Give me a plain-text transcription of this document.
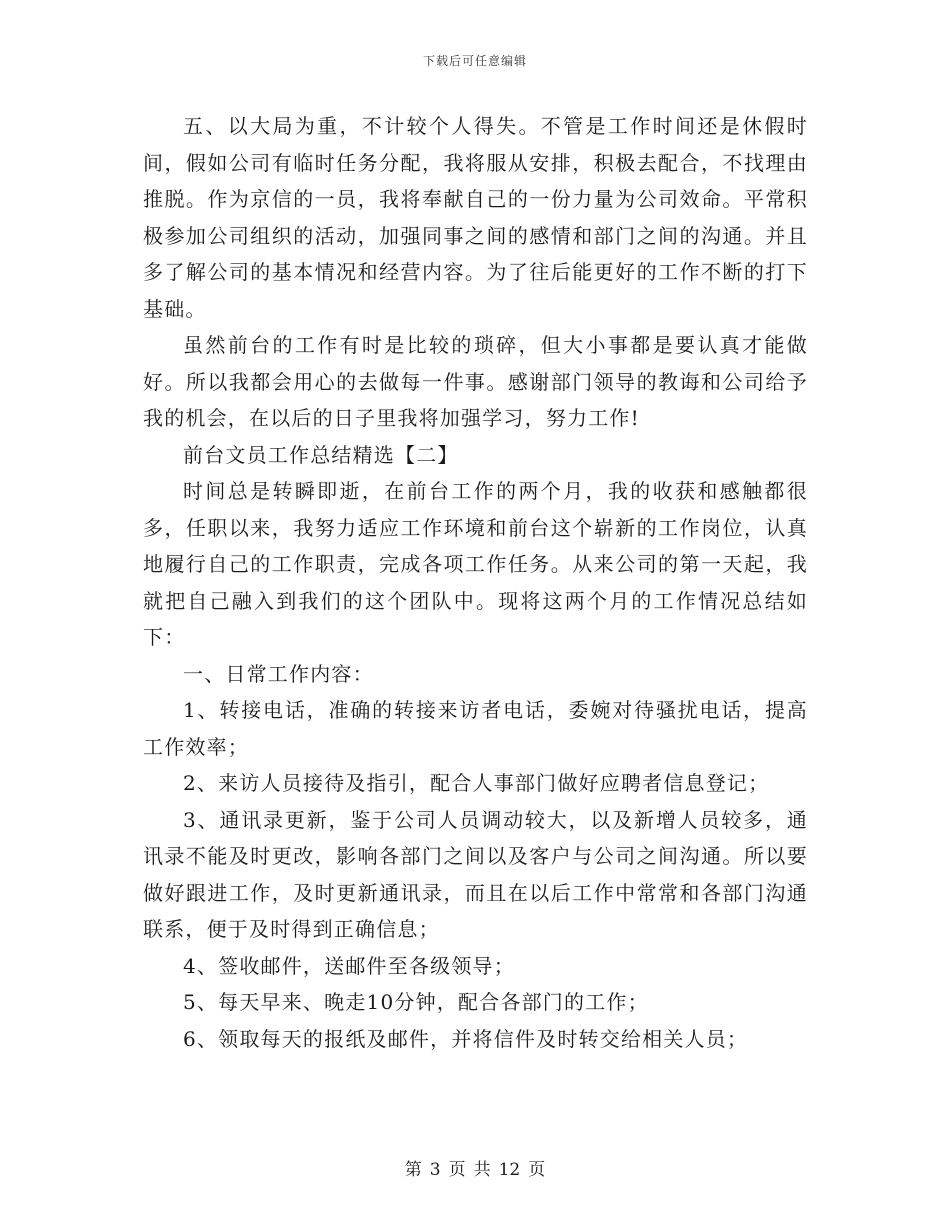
下载后可任意编辑

五、以大局为重，不计较个人得失。不管是工作时间还是休假时间，假如公司有临时任务分配，我将服从安排，积极去配合，不找理由推脱。作为京信的一员，我将奉献自己的一份力量为公司效命。平常积极参加公司组织的活动，加强同事之间的感情和部门之间的沟通。并且多了解公司的基本情况和经营内容。为了往后能更好的工作不断的打下基础。

虽然前台的工作有时是比较的琐碎，但大小事都是要认真才能做好。所以我都会用心的去做每一件事。感谢部门领导的教诲和公司给予我的机会，在以后的日子里我将加强学习，努力工作!

前台文员工作总结精选【二】

时间总是转瞬即逝，在前台工作的两个月，我的收获和感触都很多，任职以来，我努力适应工作环境和前台这个崭新的工作岗位，认真地履行自己的工作职责，完成各项工作任务。从来公司的第一天起，我就把自己融入到我们的这个团队中。现将这两个月的工作情况总结如下：

一、日常工作内容：

1、转接电话，准确的转接来访者电话，委婉对待骚扰电话，提高工作效率；

2、来访人员接待及指引，配合人事部门做好应聘者信息登记；

3、通讯录更新，鉴于公司人员调动较大，以及新增人员较多，通讯录不能及时更改，影响各部门之间以及客户与公司之间沟通。所以要做好跟进工作，及时更新通讯录，而且在以后工作中常常和各部门沟通联系，便于及时得到正确信息；

4、签收邮件，送邮件至各级领导；

5、每天早来、晚走10分钟，配合各部门的工作；

6、领取每天的报纸及邮件，并将信件及时转交给相关人员；

第 3 页 共 12 页
